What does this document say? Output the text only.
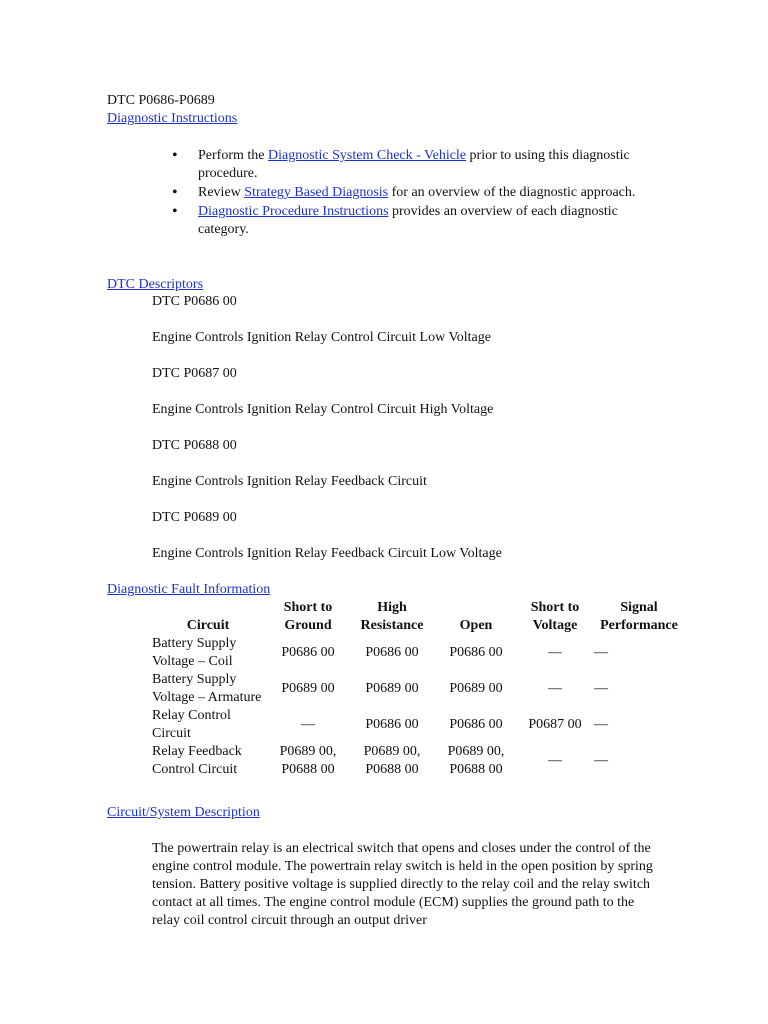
DTC P0686-P0689
Diagnostic Instructions
• Perform the Diagnostic System Check - Vehicle prior to using this diagnostic procedure.
• Review Strategy Based Diagnosis for an overview of the diagnostic approach.
• Diagnostic Procedure Instructions provides an overview of each diagnostic category.
DTC Descriptors
DTC P0686 00
Engine Controls Ignition Relay Control Circuit Low Voltage
DTC P0687 00
Engine Controls Ignition Relay Control Circuit High Voltage
DTC P0688 00
Engine Controls Ignition Relay Feedback Circuit
DTC P0689 00
Engine Controls Ignition Relay Feedback Circuit Low Voltage
Diagnostic Fault Information
Circuit	Short to Ground	High Resistance	Open	Short to Voltage	Signal Performance
Battery Supply Voltage – Coil	P0686 00	P0686 00	P0686 00	—	—
Battery Supply Voltage – Armature	P0689 00	P0689 00	P0689 00	—	—
Relay Control Circuit	—	P0686 00	P0686 00	P0687 00	—
Relay Feedback Control Circuit	P0689 00, P0688 00	P0689 00, P0688 00	P0689 00, P0688 00	—	—
Circuit/System Description
The powertrain relay is an electrical switch that opens and closes under the control of the engine control module. The powertrain relay switch is held in the open position by spring tension. Battery positive voltage is supplied directly to the relay coil and the relay switch contact at all times. The engine control module (ECM) supplies the ground path to the relay coil control circuit through an output driver
